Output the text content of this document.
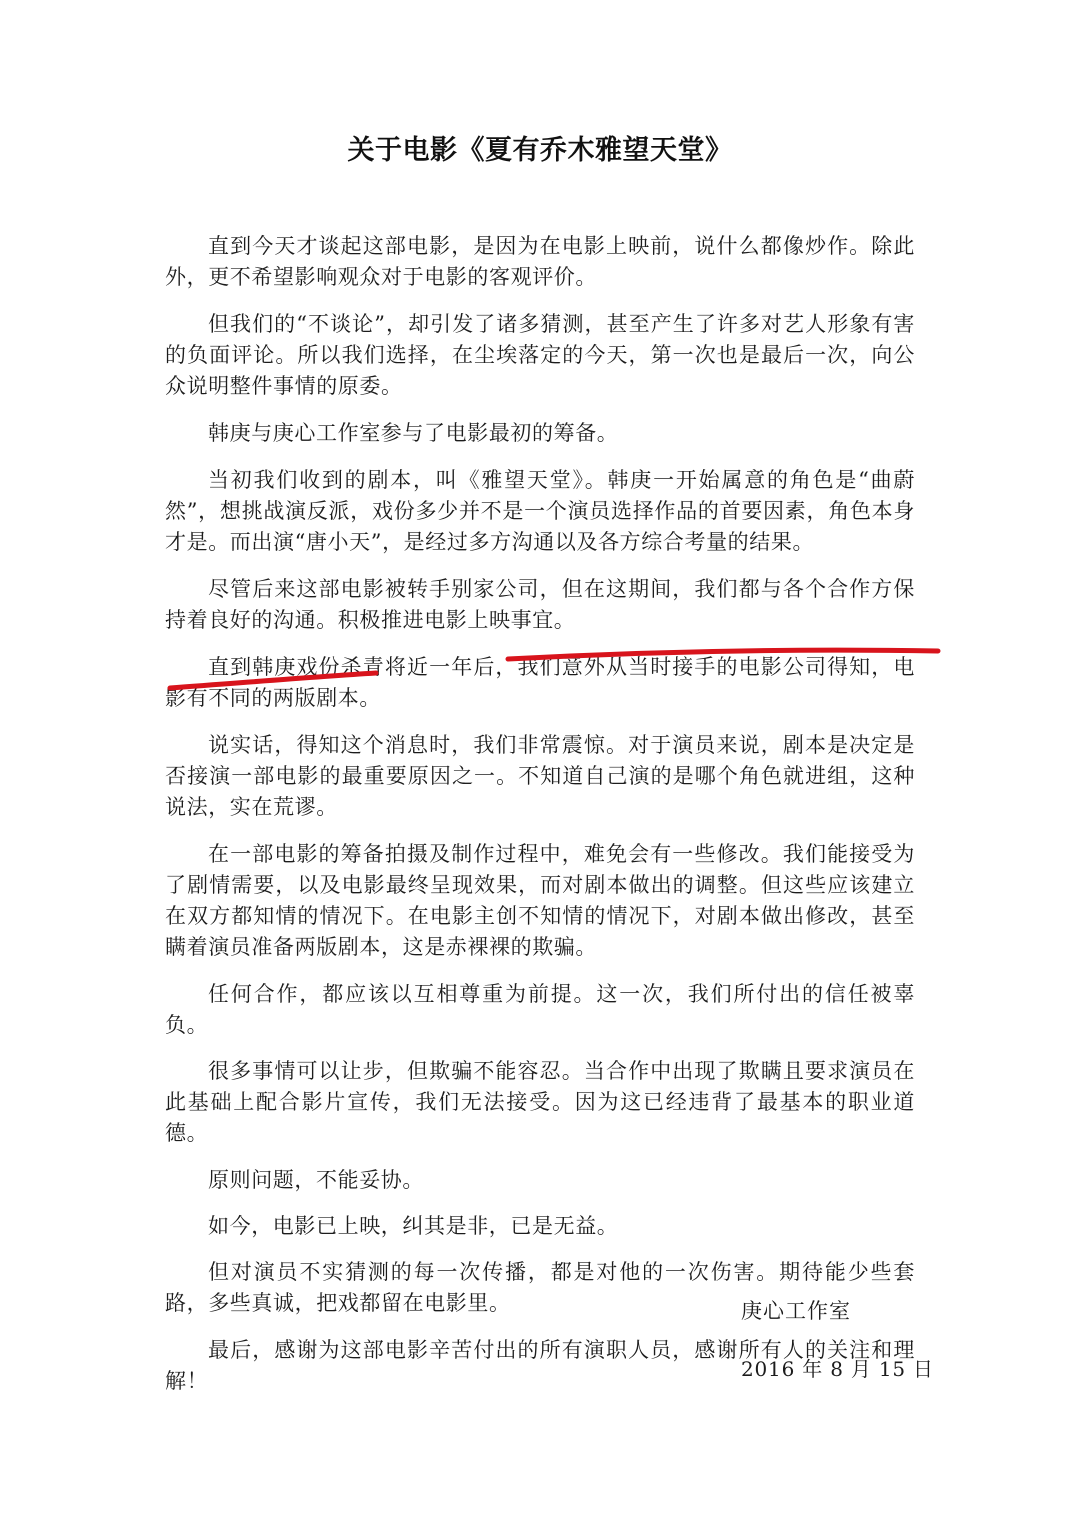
关于电影《夏有乔木雅望天堂》

直到今天才谈起这部电影，是因为在电影上映前，说什么都像炒作。除此外，更不希望影响观众对于电影的客观评价。

但我们的“不谈论”，却引发了诸多猜测，甚至产生了许多对艺人形象有害的负面评论。所以我们选择，在尘埃落定的今天，第一次也是最后一次，向公众说明整件事情的原委。

韩庚与庚心工作室参与了电影最初的筹备。

当初我们收到的剧本，叫《雅望天堂》。韩庚一开始属意的角色是“曲蔚然”，想挑战演反派，戏份多少并不是一个演员选择作品的首要因素，角色本身才是。而出演“唐小天”，是经过多方沟通以及各方综合考量的结果。

尽管后来这部电影被转手别家公司，但在这期间，我们都与各个合作方保持着良好的沟通。积极推进电影上映事宜。

直到韩庚戏份杀青将近一年后，我们意外从当时接手的电影公司得知，电影有不同的两版剧本。

说实话，得知这个消息时，我们非常震惊。对于演员来说，剧本是决定是否接演一部电影的最重要原因之一。不知道自己演的是哪个角色就进组，这种说法，实在荒谬。

在一部电影的筹备拍摄及制作过程中，难免会有一些修改。我们能接受为了剧情需要，以及电影最终呈现效果，而对剧本做出的调整。但这些应该建立在双方都知情的情况下。在电影主创不知情的情况下，对剧本做出修改，甚至瞒着演员准备两版剧本，这是赤裸裸的欺骗。

任何合作，都应该以互相尊重为前提。这一次，我们所付出的信任被辜负。

很多事情可以让步，但欺骗不能容忍。当合作中出现了欺瞒且要求演员在此基础上配合影片宣传，我们无法接受。因为这已经违背了最基本的职业道德。

原则问题，不能妥协。

如今，电影已上映，纠其是非，已是无益。

但对演员不实猜测的每一次传播，都是对他的一次伤害。期待能少些套路，多些真诚，把戏都留在电影里。

最后，感谢为这部电影辛苦付出的所有演职人员，感谢所有人的关注和理解！

庚心工作室
2016 年 8 月 15 日
